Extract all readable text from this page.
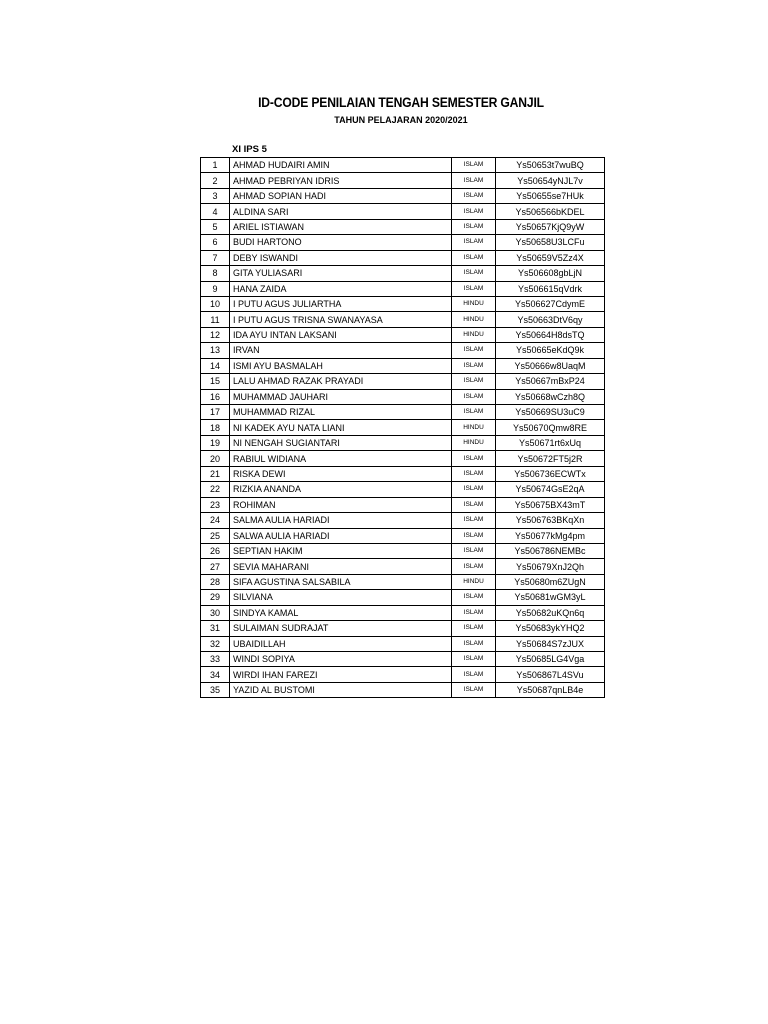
ID-CODE PENILAIAN TENGAH SEMESTER GANJIL
TAHUN PELAJARAN 2020/2021
XI IPS 5
1	AHMAD HUDAIRI AMIN	ISLAM	Ys50653t7wuBQ
2	AHMAD PEBRIYAN IDRIS	ISLAM	Ys50654yNJL7v
3	AHMAD SOPIAN HADI	ISLAM	Ys50655se7HUk
4	ALDINA SARI	ISLAM	Ys506566bKDEL
5	ARIEL ISTIAWAN	ISLAM	Ys50657KjQ9yW
6	BUDI HARTONO	ISLAM	Ys50658U3LCFu
7	DEBY ISWANDI	ISLAM	Ys50659V5Zz4X
8	GITA YULIASARI	ISLAM	Ys506608gbLjN
9	HANA ZAIDA	ISLAM	Ys506615qVdrk
10	I PUTU AGUS JULIARTHA	HINDU	Ys506627CdymE
11	I PUTU AGUS TRISNA SWANAYASA	HINDU	Ys50663DtV6qy
12	IDA AYU INTAN LAKSANI	HINDU	Ys50664H8dsTQ
13	IRVAN	ISLAM	Ys50665eKdQ9k
14	ISMI AYU BASMALAH	ISLAM	Ys50666w8UaqM
15	LALU AHMAD RAZAK PRAYADI	ISLAM	Ys50667mBxP24
16	MUHAMMAD JAUHARI	ISLAM	Ys50668wCzh8Q
17	MUHAMMAD RIZAL	ISLAM	Ys50669SU3uC9
18	NI KADEK AYU NATA LIANI	HINDU	Ys50670Qmw8RE
19	NI NENGAH SUGIANTARI	HINDU	Ys50671rt6xUq
20	RABIUL WIDIANA	ISLAM	Ys50672FT5j2R
21	RISKA DEWI	ISLAM	Ys506736ECWTx
22	RIZKIA ANANDA	ISLAM	Ys50674GsE2qA
23	ROHIMAN	ISLAM	Ys50675BX43mT
24	SALMA AULIA HARIADI	ISLAM	Ys506763BKqXn
25	SALWA AULIA HARIADI	ISLAM	Ys50677kMg4pm
26	SEPTIAN HAKIM	ISLAM	Ys506786NEMBc
27	SEVIA MAHARANI	ISLAM	Ys50679XnJ2Qh
28	SIFA AGUSTINA SALSABILA	HINDU	Ys50680m6ZUgN
29	SILVIANA	ISLAM	Ys50681wGM3yL
30	SINDYA KAMAL	ISLAM	Ys50682uKQn6q
31	SULAIMAN SUDRAJAT	ISLAM	Ys50683ykYHQ2
32	UBAIDILLAH	ISLAM	Ys50684S7zJUX
33	WINDI SOPIYA	ISLAM	Ys50685LG4Vga
34	WIRDI IHAN FAREZI	ISLAM	Ys506867L4SVu
35	YAZID AL BUSTOMI	ISLAM	Ys50687qnLB4e
